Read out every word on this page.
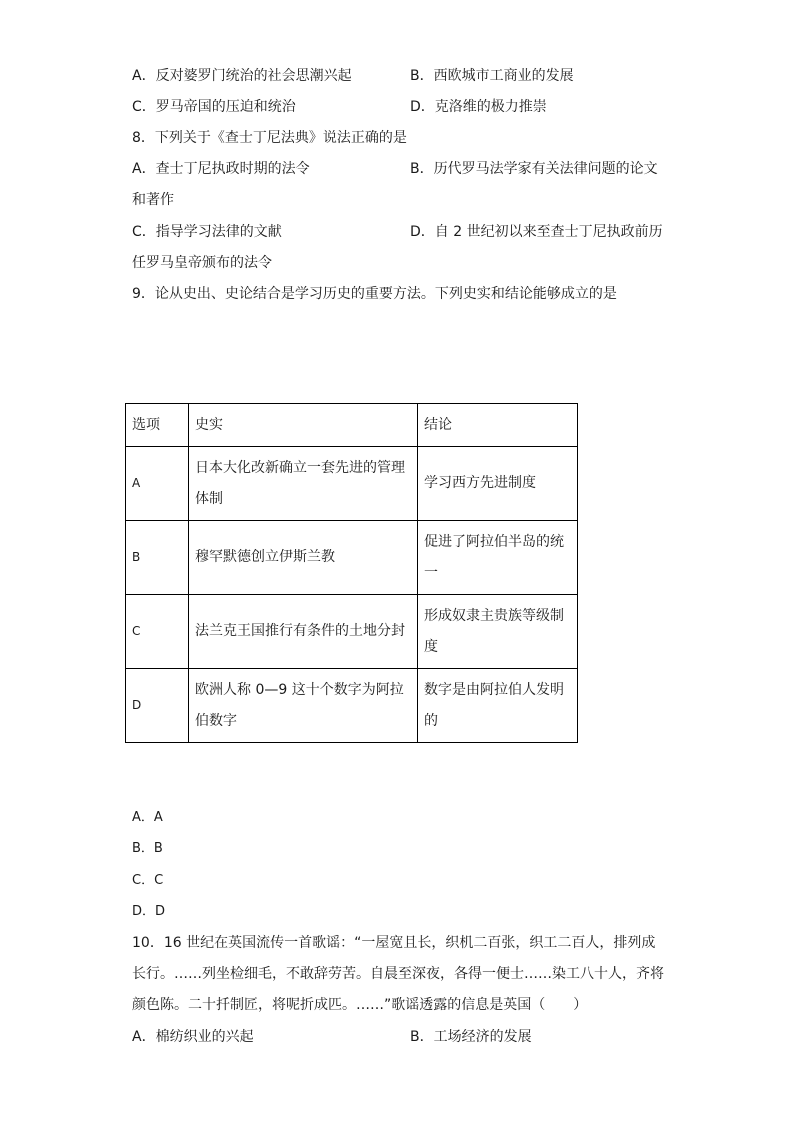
A．反对婆罗门统治的社会思潮兴起	B．西欧城市工商业的发展
C．罗马帝国的压迫和统治	D．克洛维的极力推崇
8．下列关于《查士丁尼法典》说法正确的是
A．查士丁尼执政时期的法令	B．历代罗马法学家有关法律问题的论文
和著作
C．指导学习法律的文献	D．自 2 世纪初以来至查士丁尼执政前历
任罗马皇帝颁布的法令
9．论从史出、史论结合是学习历史的重要方法。下列史实和结论能够成立的是
选项	史实	结论
A	日本大化改新确立一套先进的管理体制	学习西方先进制度
B	穆罕默德创立伊斯兰教	促进了阿拉伯半岛的统一
C	法兰克王国推行有条件的土地分封	形成奴隶主贵族等级制度
D	欧洲人称 0—9 这十个数字为阿拉伯数字	数字是由阿拉伯人发明的
A．A
B．B
C．C
D．D
10．16 世纪在英国流传一首歌谣：“一屋宽且长，织机二百张，织工二百人，排列成
长行。……列坐检细毛，不敢辞劳苦。自晨至深夜，各得一便士……染工八十人，齐将
颜色陈。二十扦制匠，将呢折成匹。……”歌谣透露的信息是英国（　　）
A．棉纺织业的兴起	B．工场经济的发展
